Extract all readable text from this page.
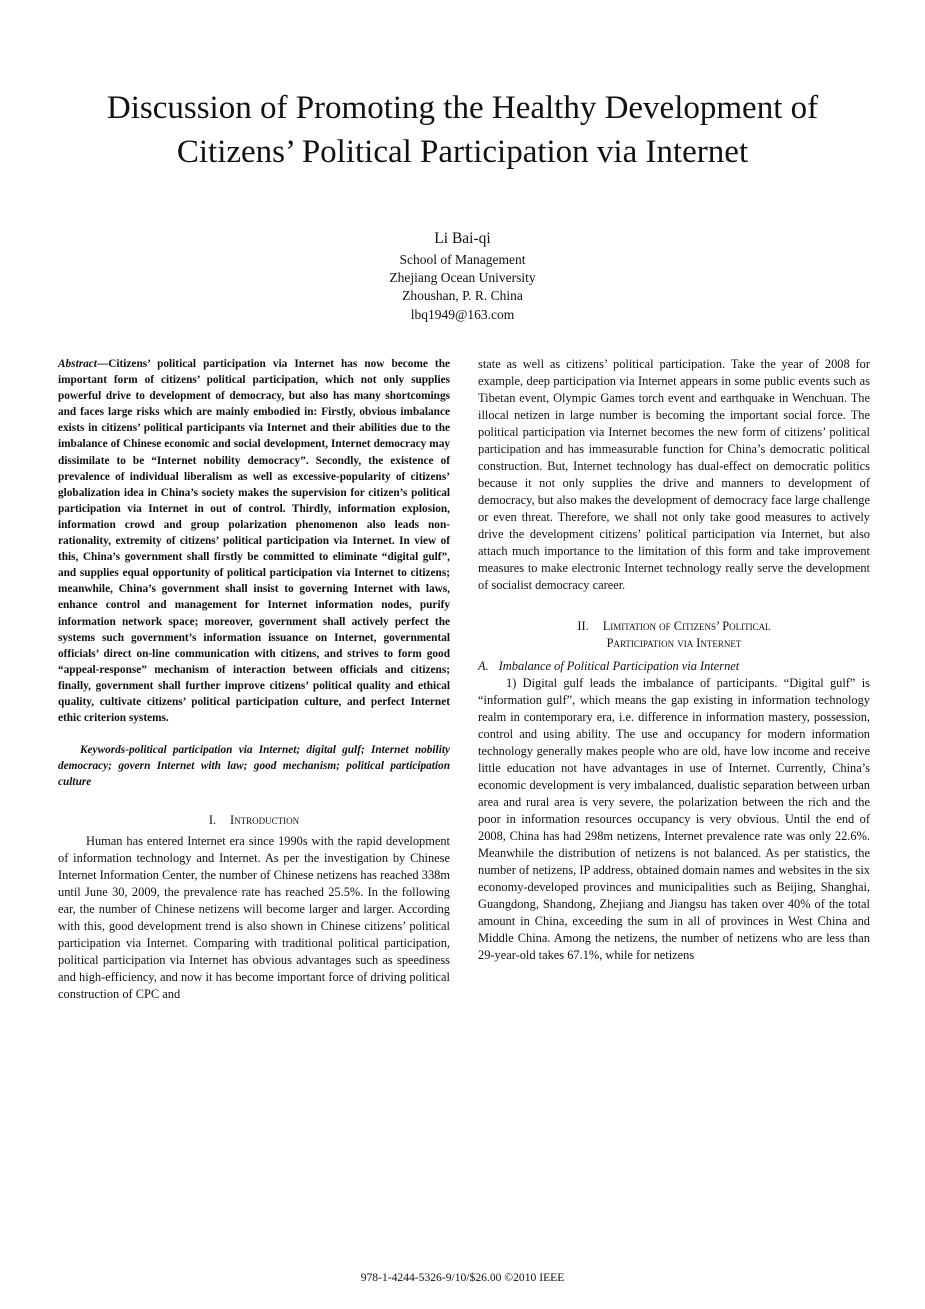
Discussion of Promoting the Healthy Development of
Citizens’ Political Participation via Internet
Li Bai-qi
School of Management
Zhejiang Ocean University
Zhoushan, P. R. China
lbq1949@163.com

Abstract—Citizens’ political participation via Internet has now become the important form of citizens’ political participation, which not only supplies powerful drive to development of democracy, but also has many shortcomings and faces large risks which are mainly embodied in: Firstly, obvious imbalance exists in citizens’ political participants via Internet and their abilities due to the imbalance of Chinese economic and social development, Internet democracy may dissimilate to be “Internet nobility democracy”. Secondly, the existence of prevalence of individual liberalism as well as excessive-popularity of citizens’ globalization idea in China’s society makes the supervision for citizen’s political participation via Internet in out of control. Thirdly, information explosion, information crowd and group polarization phenomenon also leads non-rationality, extremity of citizens’ political participation via Internet. In view of this, China’s government shall firstly be committed to eliminate “digital gulf”, and supplies equal opportunity of political participation via Internet to citizens; meanwhile, China’s government shall insist to governing Internet with laws, enhance control and management for Internet information nodes, purify information network space; moreover, government shall actively perfect the systems such government’s information issuance on Internet, governmental officials’ direct on-line communication with citizens, and strives to form good “appeal-response” mechanism of interaction between officials and citizens; finally, government shall further improve citizens’ political quality and ethical quality, cultivate citizens’ political participation culture, and perfect Internet ethic criterion systems.

Keywords-political participation via Internet; digital gulf; Internet nobility democracy; govern Internet with law; good mechanism; political participation culture

I. Introduction

Human has entered Internet era since 1990s with the rapid development of information technology and Internet. As per the investigation by Chinese Internet Information Center, the number of Chinese netizens has reached 338m until June 30, 2009, the prevalence rate has reached 25.5%. In the following ear, the number of Chinese netizens will become larger and larger. According with this, good development trend is also shown in Chinese citizens’ political participation via Internet. Comparing with traditional political participation, political participation via Internet has obvious advantages such as speediness and high-efficiency, and now it has become important force of driving political construction of CPC and

state as well as citizens’ political participation. Take the year of 2008 for example, deep participation via Internet appears in some public events such as Tibetan event, Olympic Games torch event and earthquake in Wenchuan. The illocal netizen in large number is becoming the important social force. The political participation via Internet becomes the new form of citizens’ political participation and has immeasurable function for China’s democratic political construction. But, Internet technology has dual-effect on democratic politics because it not only supplies the drive and manners to development of democracy, but also makes the development of democracy face large challenge or even threat. Therefore, we shall not only take good measures to actively drive the development citizens’ political participation via Internet, but also attach much importance to the limitation of this form and take improvement measures to make electronic Internet technology really serve the development of socialist democracy career.

II. Limitation of Citizens’ Political
Participation via Internet
A. Imbalance of Political Participation via Internet

1) Digital gulf leads the imbalance of participants. “Digital gulf” is “information gulf”, which means the gap existing in information technology realm in contemporary era, i.e. difference in information mastery, possession, control and using ability. The use and occupancy for modern information technology generally makes people who are old, have low income and receive little education not have advantages in use of Internet. Currently, China’s economic development is very imbalanced, dualistic separation between urban area and rural area is very severe, the polarization between the rich and the poor in information resources occupancy is very obvious. Until the end of 2008, China has had 298m netizens, Internet prevalence rate was only 22.6%. Meanwhile the distribution of netizens is not balanced. As per statistics, the number of netizens, IP address, obtained domain names and websites in the six economy-developed provinces and municipalities such as Beijing, Shanghai, Guangdong, Shandong, Zhejiang and Jiangsu has taken over 40% of the total amount in China, exceeding the sum in all of provinces in West China and Middle China. Among the netizens, the number of netizens who are less than 29-year-old takes 67.1%, while for netizens

978-1-4244-5326-9/10/$26.00 ©2010 IEEE
